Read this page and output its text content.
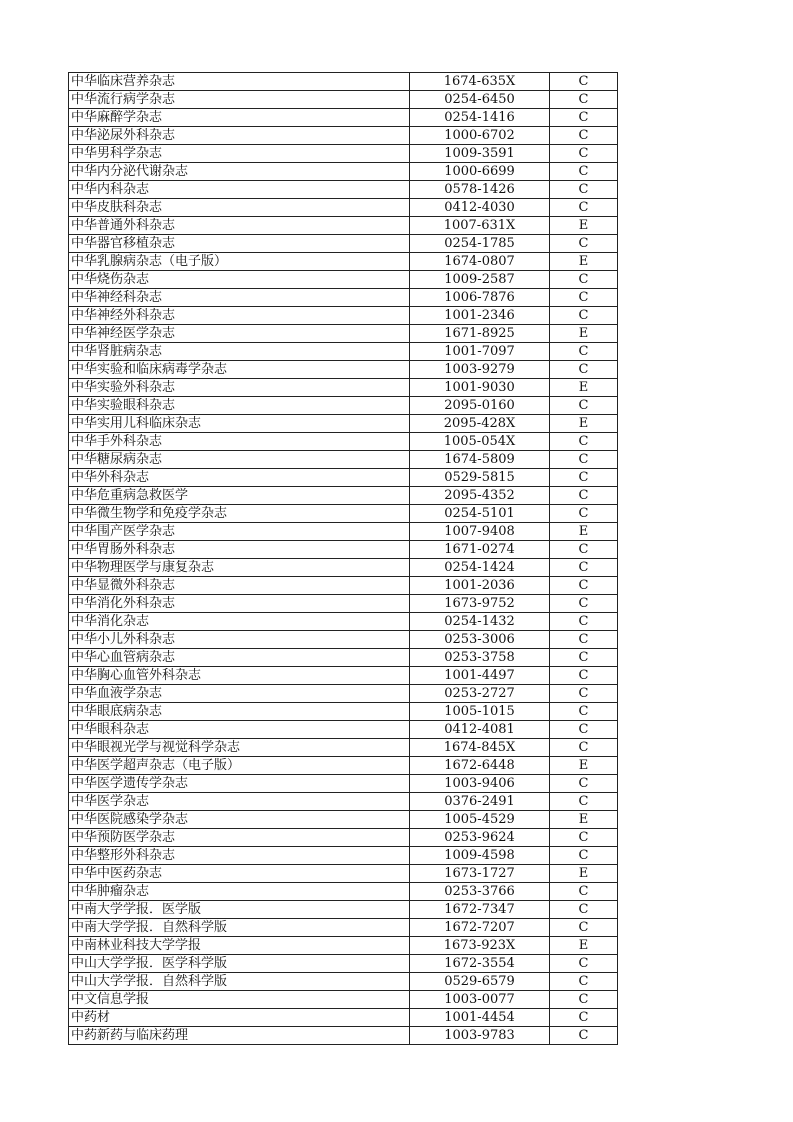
中华临床营养杂志	1674-635X	C
中华流行病学杂志	0254-6450	C
中华麻醉学杂志	0254-1416	C
中华泌尿外科杂志	1000-6702	C
中华男科学杂志	1009-3591	C
中华内分泌代谢杂志	1000-6699	C
中华内科杂志	0578-1426	C
中华皮肤科杂志	0412-4030	C
中华普通外科杂志	1007-631X	E
中华器官移植杂志	0254-1785	C
中华乳腺病杂志（电子版）	1674-0807	E
中华烧伤杂志	1009-2587	C
中华神经科杂志	1006-7876	C
中华神经外科杂志	1001-2346	C
中华神经医学杂志	1671-8925	E
中华肾脏病杂志	1001-7097	C
中华实验和临床病毒学杂志	1003-9279	C
中华实验外科杂志	1001-9030	E
中华实验眼科杂志	2095-0160	C
中华实用儿科临床杂志	2095-428X	E
中华手外科杂志	1005-054X	C
中华糖尿病杂志	1674-5809	C
中华外科杂志	0529-5815	C
中华危重病急救医学	2095-4352	C
中华微生物学和免疫学杂志	0254-5101	C
中华围产医学杂志	1007-9408	E
中华胃肠外科杂志	1671-0274	C
中华物理医学与康复杂志	0254-1424	C
中华显微外科杂志	1001-2036	C
中华消化外科杂志	1673-9752	C
中华消化杂志	0254-1432	C
中华小儿外科杂志	0253-3006	C
中华心血管病杂志	0253-3758	C
中华胸心血管外科杂志	1001-4497	C
中华血液学杂志	0253-2727	C
中华眼底病杂志	1005-1015	C
中华眼科杂志	0412-4081	C
中华眼视光学与视觉科学杂志	1674-845X	C
中华医学超声杂志（电子版）	1672-6448	E
中华医学遗传学杂志	1003-9406	C
中华医学杂志	0376-2491	C
中华医院感染学杂志	1005-4529	E
中华预防医学杂志	0253-9624	C
中华整形外科杂志	1009-4598	C
中华中医药杂志	1673-1727	E
中华肿瘤杂志	0253-3766	C
中南大学学报．医学版	1672-7347	C
中南大学学报．自然科学版	1672-7207	C
中南林业科技大学学报	1673-923X	E
中山大学学报．医学科学版	1672-3554	C
中山大学学报．自然科学版	0529-6579	C
中文信息学报	1003-0077	C
中药材	1001-4454	C
中药新药与临床药理	1003-9783	C
